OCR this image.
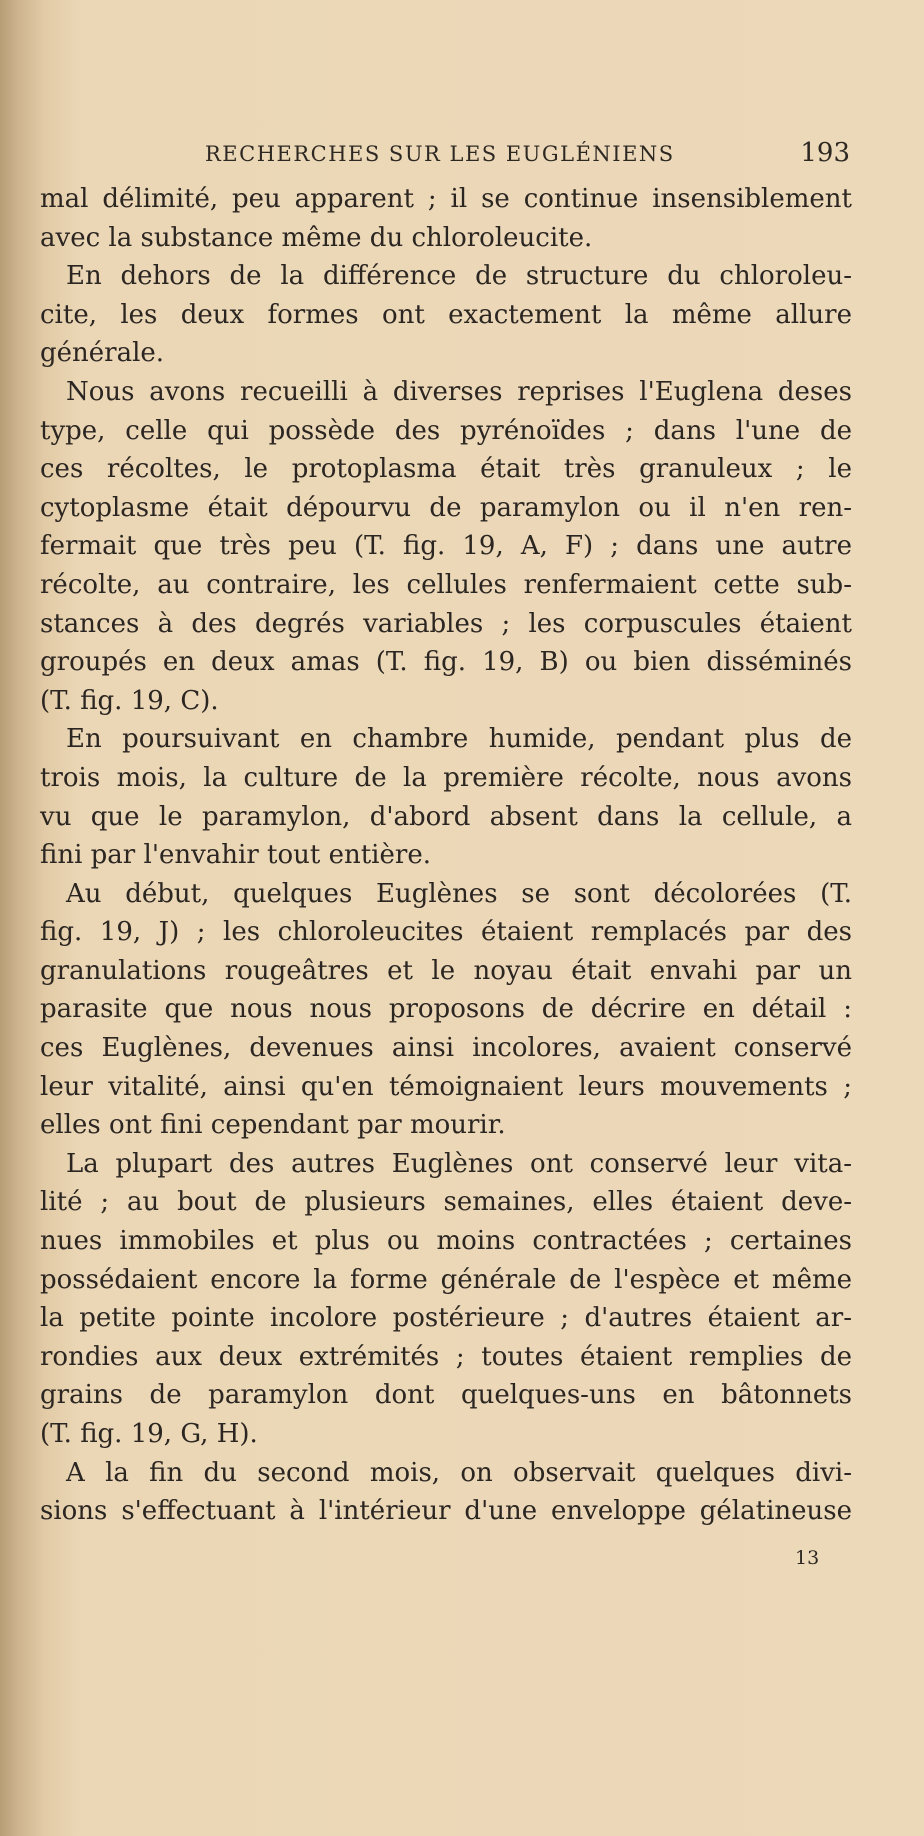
RECHERCHES SUR LES EUGLÉNIENS	193
mal délimité, peu apparent ; il se continue insensiblement
avec la substance même du chloroleucite.
En dehors de la différence de structure du chloroleu-
cite, les deux formes ont exactement la même allure
générale.
Nous avons recueilli à diverses reprises l'Euglena deses
type, celle qui possède des pyrénoïdes ; dans l'une de
ces récoltes, le protoplasma était très granuleux ; le
cytoplasme était dépourvu de paramylon ou il n'en ren-
fermait que très peu (T. fig. 19, A, F) ; dans une autre
récolte, au contraire, les cellules renfermaient cette sub-
stances à des degrés variables ; les corpuscules étaient
groupés en deux amas (T. fig. 19, B) ou bien disséminés
(T. fig. 19, C).
En poursuivant en chambre humide, pendant plus de
trois mois, la culture de la première récolte, nous avons
vu que le paramylon, d'abord absent dans la cellule, a
fini par l'envahir tout entière.
Au début, quelques Euglènes se sont décolorées (T.
fig. 19, J) ; les chloroleucites étaient remplacés par des
granulations rougeâtres et le noyau était envahi par un
parasite que nous nous proposons de décrire en détail :
ces Euglènes, devenues ainsi incolores, avaient conservé
leur vitalité, ainsi qu'en témoignaient leurs mouvements ;
elles ont fini cependant par mourir.
La plupart des autres Euglènes ont conservé leur vita-
lité ; au bout de plusieurs semaines, elles étaient deve-
nues immobiles et plus ou moins contractées ; certaines
possédaient encore la forme générale de l'espèce et même
la petite pointe incolore postérieure ; d'autres étaient ar-
rondies aux deux extrémités ; toutes étaient remplies de
grains de paramylon dont quelques-uns en bâtonnets
(T. fig. 19, G, H).
A la fin du second mois, on observait quelques divi-
sions s'effectuant à l'intérieur d'une enveloppe gélatineuse
13
